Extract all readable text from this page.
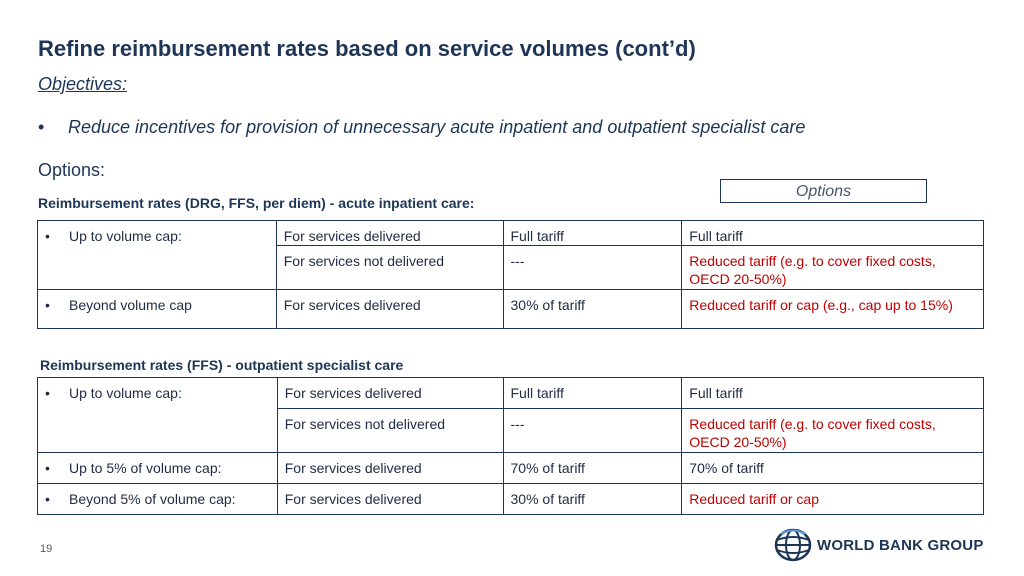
Refine reimbursement rates based on service volumes (cont’d)
Objectives:
• Reduce incentives for provision of unnecessary acute inpatient and outpatient specialist care
Options:
Options
Reimbursement rates (DRG, FFS, per diem) - acute inpatient care:
• Up to volume cap:	For services delivered	Full tariff	Full tariff
	For services not delivered	---	Reduced tariff (e.g. to cover fixed costs, OECD 20-50%)
• Beyond volume cap	For services delivered	30% of tariff	Reduced tariff or cap (e.g., cap up to 15%)
Reimbursement rates (FFS) - outpatient specialist care
• Up to volume cap:	For services delivered	Full tariff	Full tariff
	For services not delivered	---	Reduced tariff (e.g. to cover fixed costs, OECD 20-50%)
• Up to 5% of volume cap:	For services delivered	70% of tariff	70% of tariff
• Beyond 5% of volume cap:	For services delivered	30% of tariff	Reduced tariff or cap
19	WORLD BANK GROUP
